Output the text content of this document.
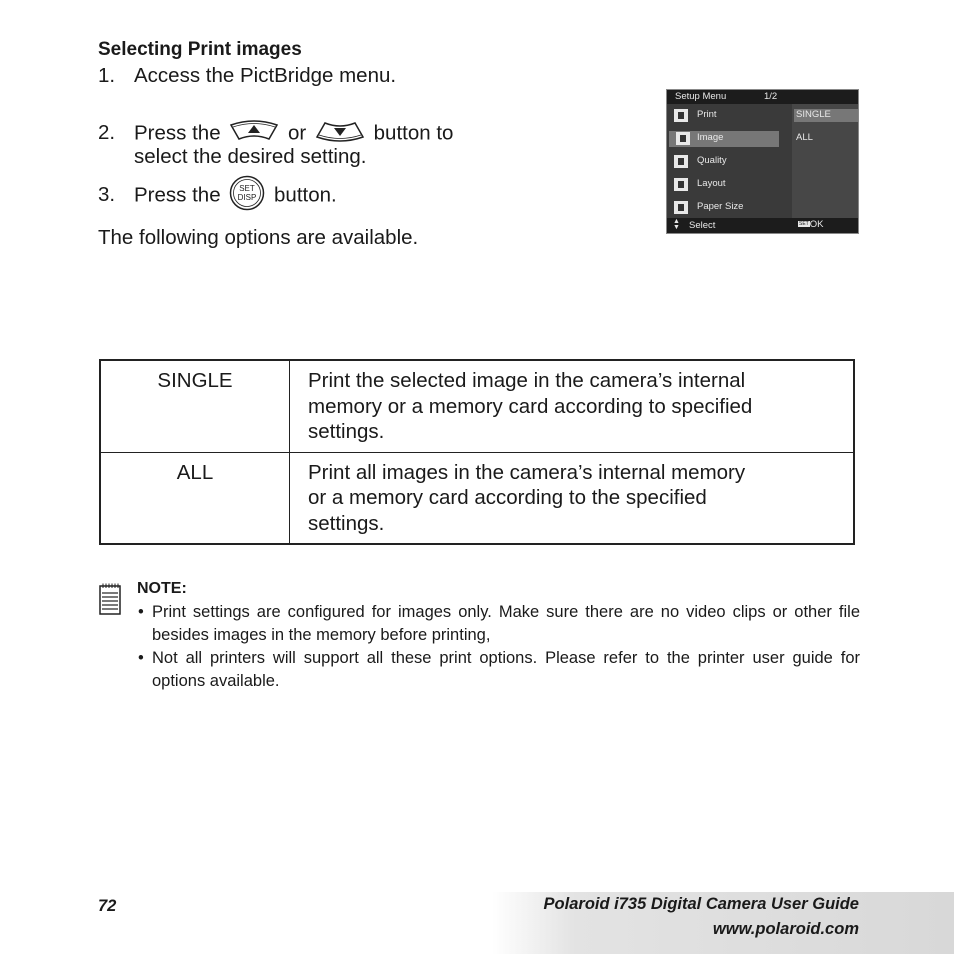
Selecting Print images
1. Access the PictBridge menu.
2. Press the	or	button to
select the desired setting.
3. Press the SET
DISP button.
The following options are available.
Setup Menu	1/2
Print
Image
Quality
Layout
Paper Size
SINGLE
ALL
▲
▼ Select	SETOK
SINGLE	Print the selected image in the camera’s internal
memory or a memory card according to specified
settings.

ALL	Print all images in the camera’s internal memory
or a memory card according to the specified
settings.
NOTE:
• Print settings are configured for images only. Make sure there are no video clips or other file besides images in the memory before printing,
• Not all printers will support all these print options. Please refer to the printer user guide for options available.
72	Polaroid i735 Digital Camera User Guide
www.polaroid.com
